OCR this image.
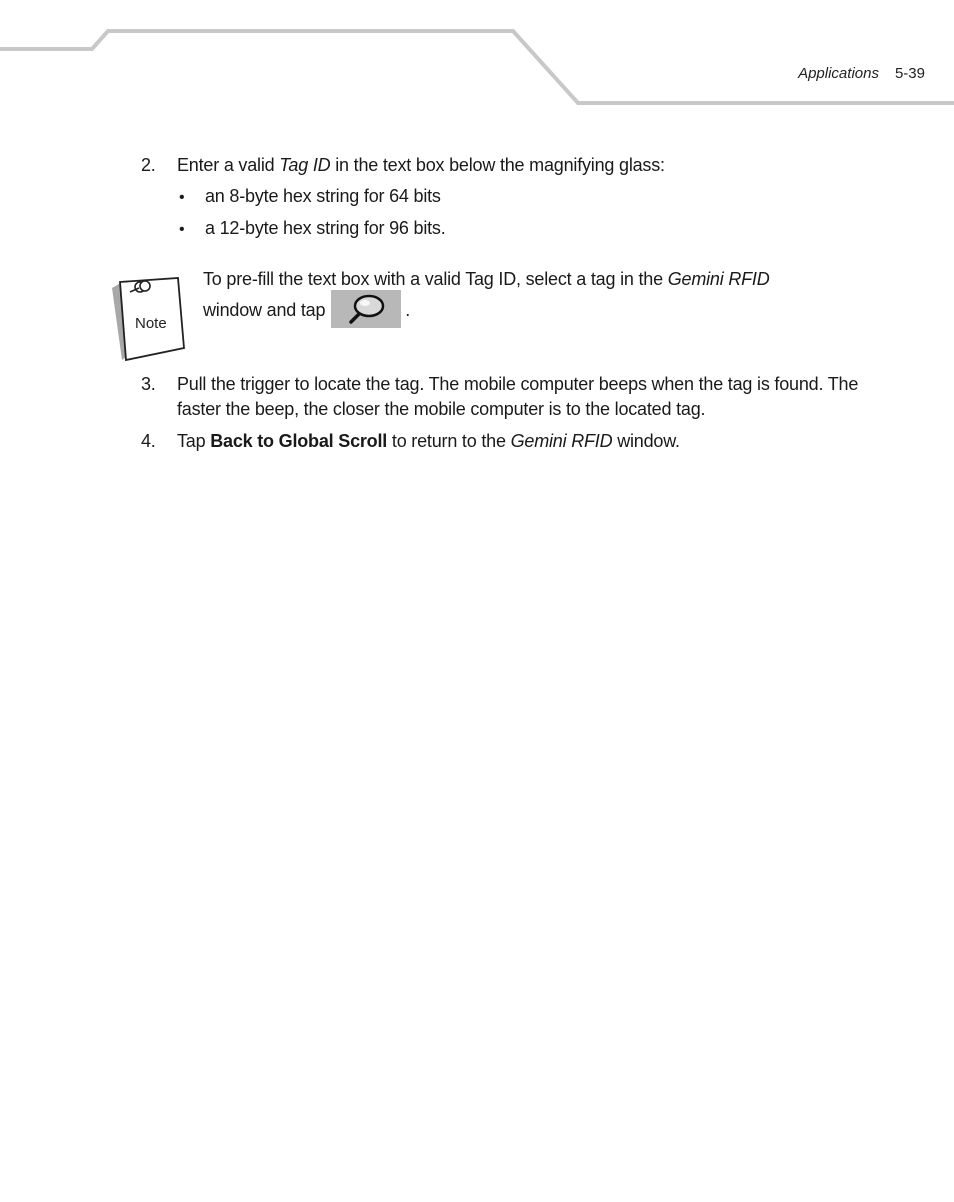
Applications 5-39
2.	Enter a valid Tag ID in the text box below the magnifying glass:
• an 8-byte hex string for 64 bits
• a 12-byte hex string for 96 bits.
Note
To pre-fill the text box with a valid Tag ID, select a tag in the Gemini RFID
window and tap	.
3.	Pull the trigger to locate the tag. The mobile computer beeps when the tag is found. The
faster the beep, the closer the mobile computer is to the located tag.
4.	Tap Back to Global Scroll to return to the Gemini RFID window.
